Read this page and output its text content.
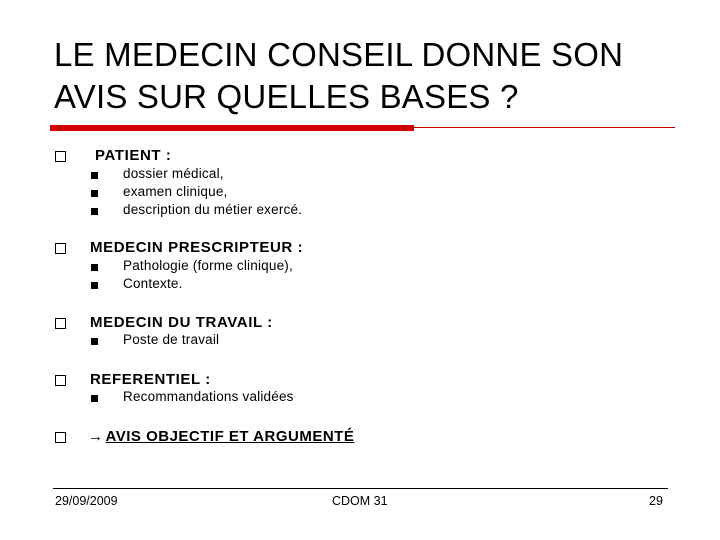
LE MEDECIN CONSEIL DONNE SON AVIS SUR QUELLES BASES ?
PATIENT :
dossier médical,
examen clinique,
description du métier exercé.
MEDECIN PRESCRIPTEUR :
Pathologie (forme clinique),
Contexte.
MEDECIN DU TRAVAIL :
Poste de travail
REFERENTIEL :
Recommandations validées
→ AVIS OBJECTIF ET ARGUMENTÉ
29/09/2009	CDOM 31	29
